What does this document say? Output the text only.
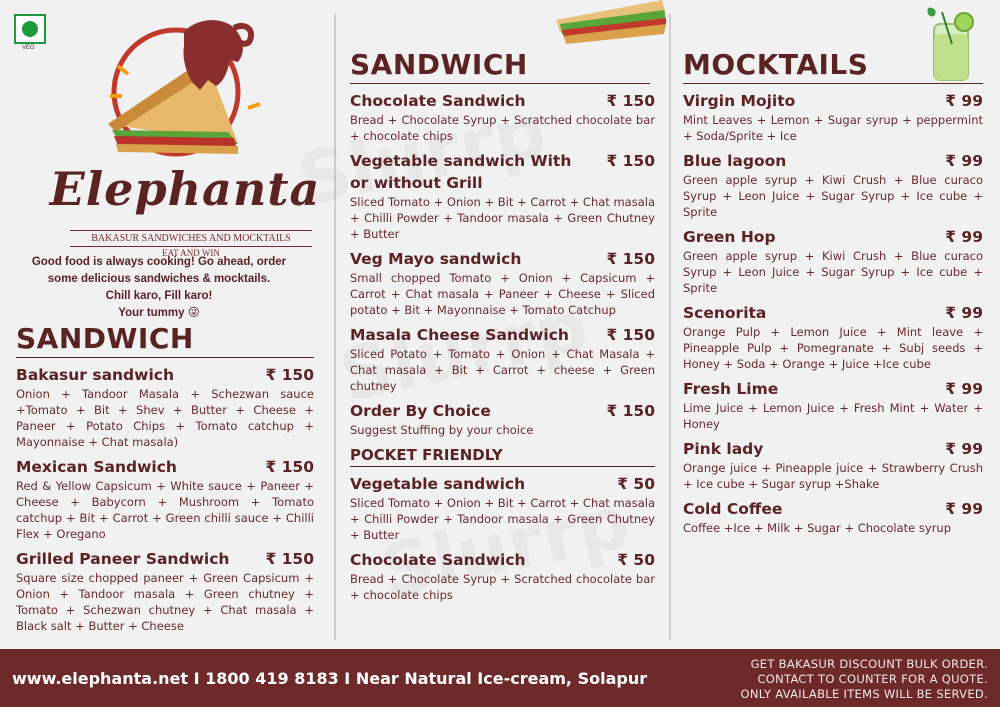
VEG
Elephanta
BAKASUR SANDWICHES AND MOCKTAILS
EAT AND WIN
Good food is always cooking! Go ahead, order
some delicious sandwiches & mocktails.
Chill karo, Fill karo!
Your tummy 😜
SANDWICH
Bakasur sandwich	₹ 150
Onion + Tandoor Masala + Schezwan sauce +Tomato + Bit + Shev + Butter + Cheese + Paneer + Potato Chips + Tomato catchup + Mayonnaise + Chat masala)
Mexican Sandwich	₹ 150
Red & Yellow Capsicum + White sauce + Paneer + Cheese + Babycorn + Mushroom + Tomato catchup + Bit + Carrot + Green chilli sauce + Chilli Flex + Oregano
Grilled Paneer Sandwich ₹ 150
Square size chopped paneer + Green Capsicum + Onion + Tandoor masala + Green chutney + Tomato + Schezwan chutney + Chat masala + Black salt + Butter + Cheese
SANDWICH
Chocolate Sandwich	₹ 150
Bread + Chocolate Syrup + Scratched chocolate bar + chocolate chips
Vegetable sandwich With or without Grill
₹ 150
Sliced Tomato + Onion + Bit + Carrot + Chat masala + Chilli Powder + Tandoor masala + Green Chutney + Butter
Veg Mayo sandwich	₹ 150
Small chopped Tomato + Onion + Capsicum + Carrot + Chat masala + Paneer + Cheese + Sliced potato + Bit + Mayonnaise + Tomato Catchup
Masala Cheese Sandwich ₹ 150
Sliced Potato + Tomato + Onion + Chat Masala + Chat masala + Bit + Carrot + cheese + Green chutney
Order By Choice	₹ 150
Suggest Stuffing by your choice
POCKET FRIENDLY
Vegetable sandwich	₹ 50
Sliced Tomato + Onion + Bit + Carrot + Chat masala + Chilli Powder + Tandoor masala + Green Chutney + Butter
Chocolate Sandwich	₹ 50
Bread + Chocolate Syrup + Scratched chocolate bar + chocolate chips
MOCKTAILS
Virgin Mojito	₹ 99
Mint Leaves + Lemon + Sugar syrup + peppermint + Soda/Sprite + Ice
Blue lagoon	₹ 99
Green apple syrup + Kiwi Crush + Blue curaco Syrup + Leon Juice + Sugar Syrup + Ice cube + Sprite
Green Hop	₹ 99
Green apple syrup + Kiwi Crush + Blue curaco Syrup + Leon Juice + Sugar Syrup + Ice cube + Sprite
Scenorita	₹ 99
Orange Pulp + Lemon Juice + Mint leave + Pineapple Pulp + Pomegranate + Subj seeds + Honey + Soda + Orange + Juice +Ice cube
Fresh Lime	₹ 99
Lime Juice + Lemon Juice + Fresh Mint + Water + Honey
Pink lady	₹ 99
Orange juice + Pineapple juice + Strawberry Crush + Ice cube + Sugar syrup +Shake
Cold Coffee	₹ 99
Coffee +Ice + Milk + Sugar + Chocolate syrup
www.elephanta.net I 1800 419 8183 I Near Natural Ice-cream, Solapur
GET BAKASUR DISCOUNT BULK ORDER.
CONTACT TO COUNTER FOR A QUOTE.
ONLY AVAILABLE ITEMS WILL BE SERVED.
